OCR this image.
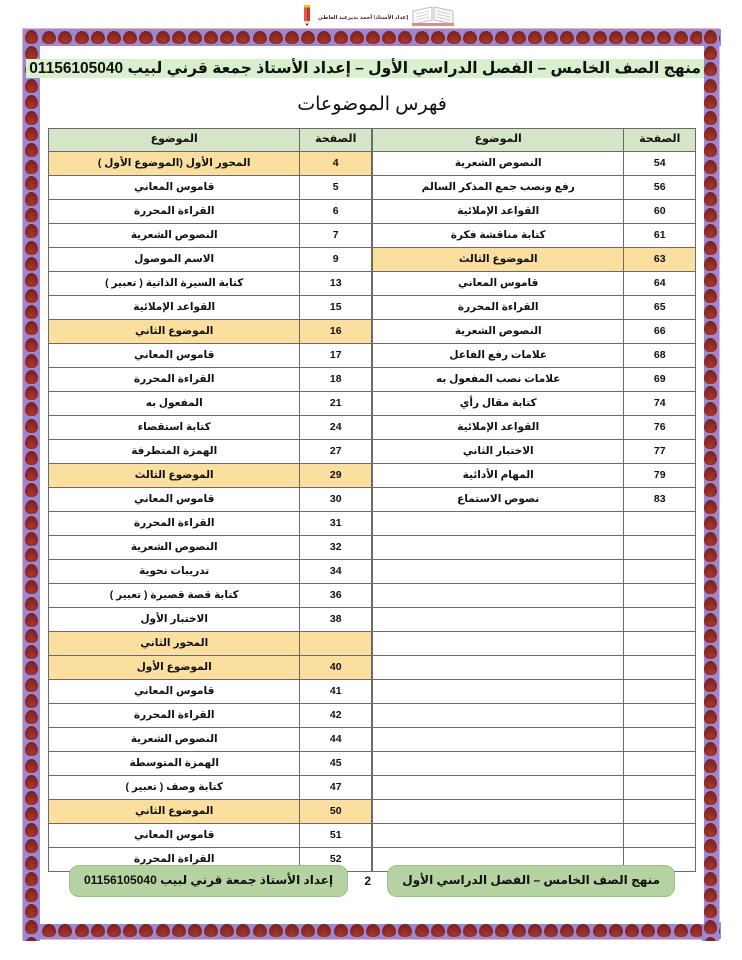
إعداد الأستاذ/ أحمد بديرعبد العاطي
منهج الصف الخامس – الفصل الدراسي الأول – إعداد الأستاذ جمعة قرني لبيب 01156105040
فهرس الموضوعات
الصفحة	الموضوع
54	النصوص الشعرية
56	رفع ونصب جمع المذكر السالم
60	القواعد الإملائية
61	كتابة مناقشة فكرة
63	الموضوع الثالث
64	قاموس المعاني
65	القراءة المحررة
66	النصوص الشعرية
68	علامات رفع الفاعل
69	علامات نصب المفعول به
74	كتابة مقال رأي
76	القواعد الإملائية
77	الاختبار الثاني
79	المهام الأدائية
83	نصوص الاستماع

الصفحة	الموضوع
4	المحور الأول (الموضوع الأول )
5	قاموس المعاني
6	القراءة المحررة
7	النصوص الشعرية
9	الاسم الموصول
13	كتابة السيرة الذاتية ( تعبير )
15	القواعد الإملائية
16	الموضوع الثاني
17	قاموس المعاني
18	القراءة المحررة
21	المفعول به
24	كتابة استقصاء
27	الهمزة المتطرفة
29	الموضوع الثالث
30	قاموس المعاني
31	القراءة المحررة
32	النصوص الشعرية
34	تدريبات نحوية
36	كتابة قصة قصيرة ( تعبير )
38	الاختبار الأول
	المحور الثاني
40	الموضوع الأول
41	قاموس المعاني
42	القراءة المحررة
44	النصوص الشعرية
45	الهمزة المتوسطة
47	كتابة وصف ( تعبير )
50	الموضوع الثاني
51	قاموس المعاني
52	القراءة المحررة
منهج الصف الخامس – الفصل الدراسي الأول
2
إعداد الأستاذ جمعة قرني لبيب 01156105040
